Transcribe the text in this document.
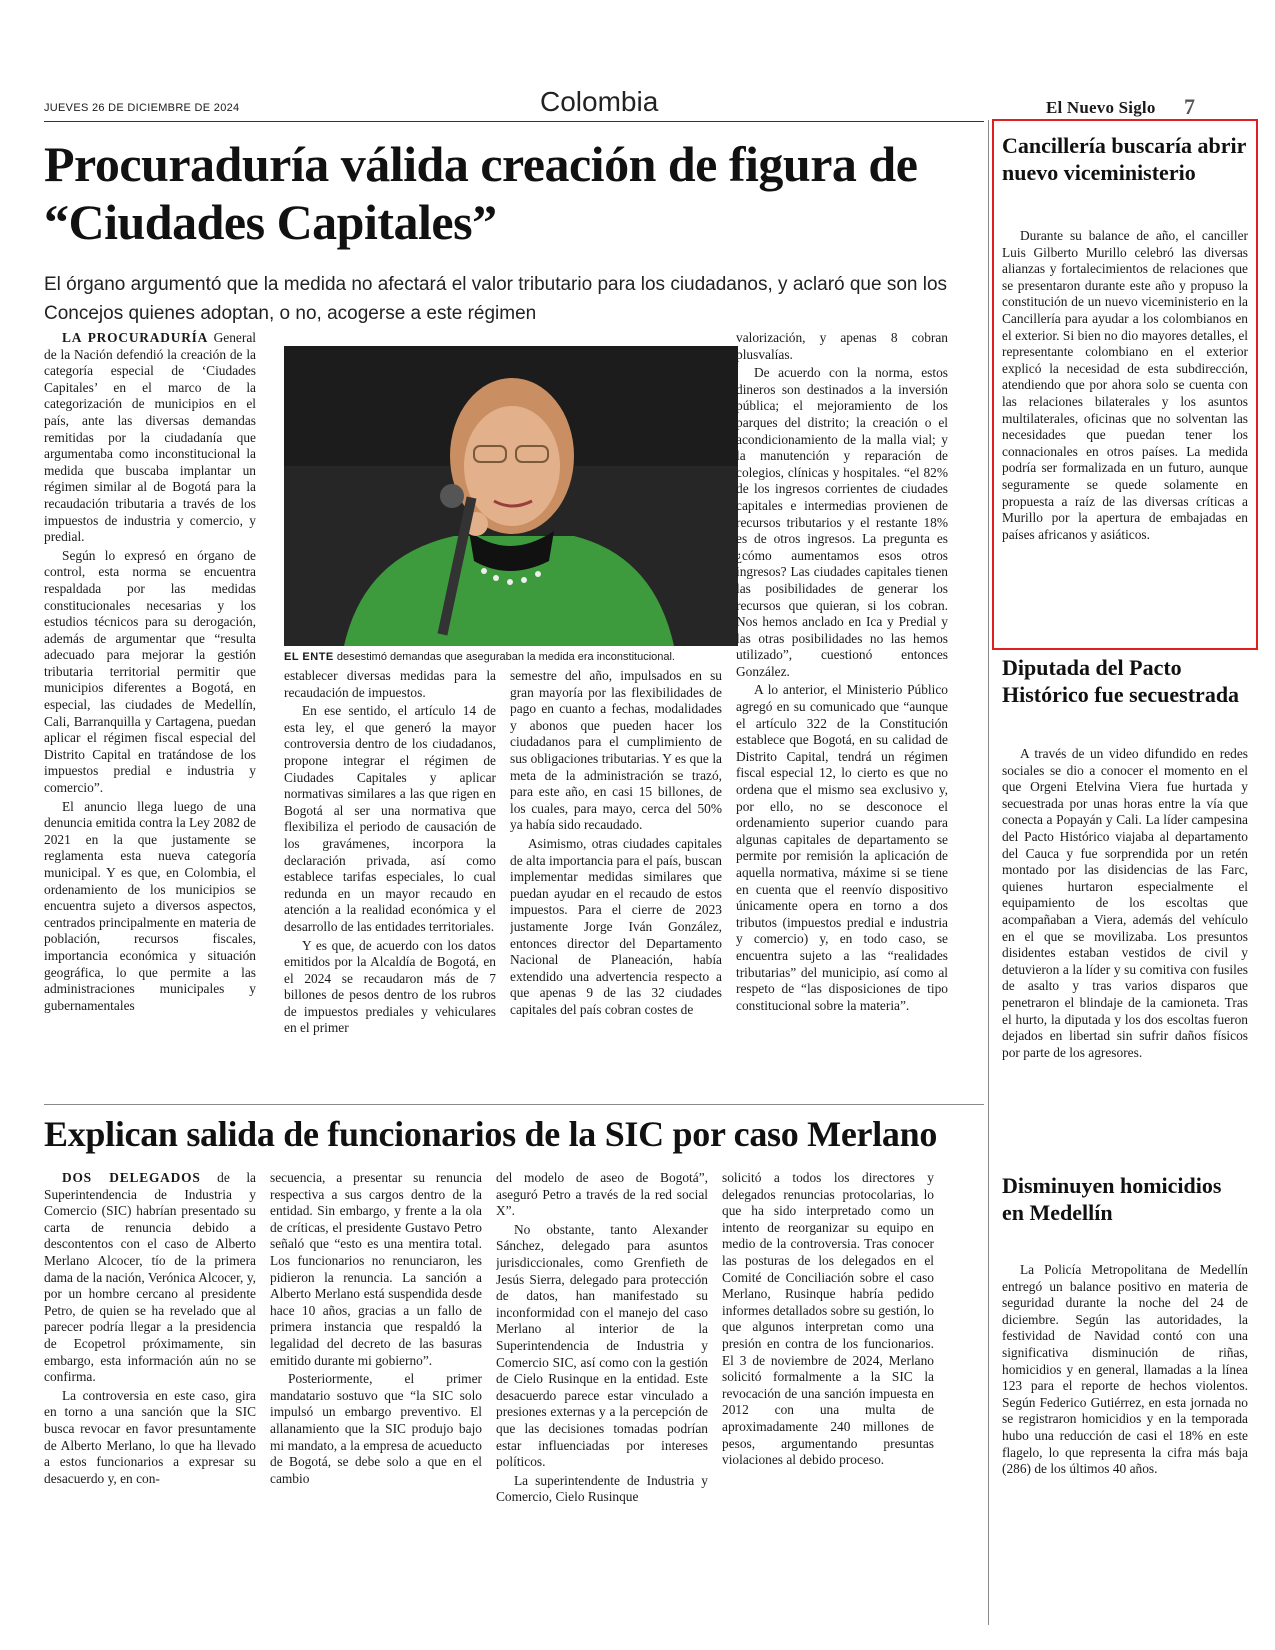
JUEVES 26 DE DICIEMBRE DE 2024	Colombia	El Nuevo Siglo 7
Procuraduría válida creación de figura de “Ciudades Capitales”
El órgano argumentó que la medida no afectará el valor tributario para los ciudadanos, y aclaró que son los Concejos quienes adoptan, o no, acogerse a este régimen

LA PROCURADURÍA General de la Nación defendió la creación de la categoría especial de ‘Ciudades Capitales’ en el marco de la categorización de municipios en el país, ante las diversas demandas remitidas por la ciudadanía que argumentaba como inconstitucional la medida que buscaba implantar un régimen similar al de Bogotá para la recaudación tributaria a través de los impuestos de industria y comercio, y predial.

Según lo expresó en órgano de control, esta norma se encuentra respaldada por las medidas constitucionales necesarias y los estudios técnicos para su derogación, además de argumentar que “resulta adecuado para mejorar la gestión tributaria territorial permitir que municipios diferentes a Bogotá, en especial, las ciudades de Medellín, Cali, Barranquilla y Cartagena, puedan aplicar el régimen fiscal especial del Distrito Capital en tratándose de los impuestos predial e industria y comercio”.

El anuncio llega luego de una denuncia emitida contra la Ley 2082 de 2021 en la que justamente se reglamenta esta nueva categoría municipal. Y es que, en Colombia, el ordenamiento de los municipios se encuentra sujeto a diversos aspectos, centrados principalmente en materia de población, recursos fiscales, importancia económica y situación geográfica, lo que permite a las administraciones municipales y gubernamentales

EL ENTE desestimó demandas que aseguraban la medida era inconstitucional.

establecer diversas medidas para la recaudación de impuestos.

En ese sentido, el artículo 14 de esta ley, el que generó la mayor controversia dentro de los ciudadanos, propone integrar el régimen de Ciudades Capitales y aplicar normativas similares a las que rigen en Bogotá al ser una normativa que flexibiliza el periodo de causación de los gravámenes, incorpora la declaración privada, así como establece tarifas especiales, lo cual redunda en un mayor recaudo en atención a la realidad económica y el desarrollo de las entidades territoriales.

Y es que, de acuerdo con los datos emitidos por la Alcaldía de Bogotá, en el 2024 se recaudaron más de 7 billones de pesos dentro de los rubros de impuestos prediales y vehiculares en el primer

semestre del año, impulsados en su gran mayoría por las flexibilidades de pago en cuanto a fechas, modalidades y abonos que pueden hacer los ciudadanos para el cumplimiento de sus obligaciones tributarias. Y es que la meta de la administración se trazó, para este año, en casi 15 billones, de los cuales, para mayo, cerca del 50% ya había sido recaudado.

Asimismo, otras ciudades capitales de alta importancia para el país, buscan implementar medidas similares que puedan ayudar en el recaudo de estos impuestos. Para el cierre de 2023 justamente Jorge Iván González, entonces director del Departamento Nacional de Planeación, había extendido una advertencia respecto a que apenas 9 de las 32 ciudades capitales del país cobran costes de

valorización, y apenas 8 cobran plusvalías.

De acuerdo con la norma, estos dineros son destinados a la inversión pública; el mejoramiento de los parques del distrito; la creación o el acondicionamiento de la malla vial; y la manutención y reparación de colegios, clínicas y hospitales. “el 82% de los ingresos corrientes de ciudades capitales e intermedias provienen de recursos tributarios y el restante 18% es de otros ingresos. La pregunta es ¿cómo aumentamos esos otros ingresos? Las ciudades capitales tienen las posibilidades de generar los recursos que quieran, si los cobran. Nos hemos anclado en Ica y Predial y las otras posibilidades no las hemos utilizado”, cuestionó entonces González.

A lo anterior, el Ministerio Público agregó en su comunicado que “aunque el artículo 322 de la Constitución establece que Bogotá, en su calidad de Distrito Capital, tendrá un régimen fiscal especial 12, lo cierto es que no ordena que el mismo sea exclusivo y, por ello, no se desconoce el ordenamiento superior cuando para algunas capitales de departamento se permite por remisión la aplicación de aquella normativa, máxime si se tiene en cuenta que el reenvío dispositivo únicamente opera en torno a dos tributos (impuestos predial e industria y comercio) y, en todo caso, se encuentra sujeto a las “realidades tributarias” del municipio, así como al respeto de “las disposiciones de tipo constitucional sobre la materia”.

Explican salida de funcionarios de la SIC por caso Merlano

DOS DELEGADOS de la Superintendencia de Industria y Comercio (SIC) habrían presentado su carta de renuncia debido a descontentos con el caso de Alberto Merlano Alcocer, tío de la primera dama de la nación, Verónica Alcocer, y, por un hombre cercano al presidente Petro, de quien se ha revelado que al parecer podría llegar a la presidencia de Ecopetrol próximamente, sin embargo, esta información aún no se confirma.

La controversia en este caso, gira en torno a una sanción que la SIC busca revocar en favor presuntamente de Alberto Merlano, lo que ha llevado a estos funcionarios a expresar su desacuerdo y, en con-

secuencia, a presentar su renuncia respectiva a sus cargos dentro de la entidad. Sin embargo, y frente a la ola de críticas, el presidente Gustavo Petro señaló que “esto es una mentira total. Los funcionarios no renunciaron, les pidieron la renuncia. La sanción a Alberto Merlano está suspendida desde hace 10 años, gracias a un fallo de primera instancia que respaldó la legalidad del decreto de las basuras emitido durante mi gobierno”.

Posteriormente, el primer mandatario sostuvo que “la SIC solo impulsó un embargo preventivo. El allanamiento que la SIC produjo bajo mi mandato, a la empresa de acueducto de Bogotá, se debe solo a que en el cambio

del modelo de aseo de Bogotá”, aseguró Petro a través de la red social X”.

No obstante, tanto Alexander Sánchez, delegado para asuntos jurisdiccionales, como Grenfieth de Jesús Sierra, delegado para protección de datos, han manifestado su inconformidad con el manejo del caso Merlano al interior de la Superintendencia de Industria y Comercio SIC, así como con la gestión de Cielo Rusinque en la entidad. Este desacuerdo parece estar vinculado a presiones externas y a la percepción de que las decisiones tomadas podrían estar influenciadas por intereses políticos.

La superintendente de Industria y Comercio, Cielo Rusinque

solicitó a todos los directores y delegados renuncias protocolarias, lo que ha sido interpretado como un intento de reorganizar su equipo en medio de la controversia. Tras conocer las posturas de los delegados en el Comité de Conciliación sobre el caso Merlano, Rusinque habría pedido informes detallados sobre su gestión, lo que algunos interpretan como una presión en contra de los funcionarios. El 3 de noviembre de 2024, Merlano solicitó formalmente a la SIC la revocación de una sanción impuesta en 2012 con una multa de aproximadamente 240 millones de pesos, argumentando presuntas violaciones al debido proceso.

Cancillería buscaría abrir nuevo viceministerio

Durante su balance de año, el canciller Luis Gilberto Murillo celebró las diversas alianzas y fortalecimientos de relaciones que se presentaron durante este año y propuso la constitución de un nuevo viceministerio en la Cancillería para ayudar a los colombianos en el exterior. Si bien no dio mayores detalles, el representante colombiano en el exterior explicó la necesidad de esta subdirección, atendiendo que por ahora solo se cuenta con las relaciones bilaterales y los asuntos multilaterales, oficinas que no solventan las necesidades que puedan tener los connacionales en otros países. La medida podría ser formalizada en un futuro, aunque seguramente se quede solamente en propuesta a raíz de las diversas críticas a Murillo por la apertura de embajadas en países africanos y asiáticos.

Diputada del Pacto Histórico fue secuestrada

A través de un video difundido en redes sociales se dio a conocer el momento en el que Orgeni Etelvina Viera fue hurtada y secuestrada por unas horas entre la vía que conecta a Popayán y Cali. La líder campesina del Pacto Histórico viajaba al departamento del Cauca y fue sorprendida por un retén montado por las disidencias de las Farc, quienes hurtaron especialmente el equipamiento de los escoltas que acompañaban a Viera, además del vehículo en el que se movilizaba. Los presuntos disidentes estaban vestidos de civil y detuvieron a la líder y su comitiva con fusiles de asalto y tras varios disparos que penetraron el blindaje de la camioneta. Tras el hurto, la diputada y los dos escoltas fueron dejados en libertad sin sufrir daños físicos por parte de los agresores.

Disminuyen homicidios en Medellín

La Policía Metropolitana de Medellín entregó un balance positivo en materia de seguridad durante la noche del 24 de diciembre. Según las autoridades, la festividad de Navidad contó con una significativa disminución de riñas, homicidios y en general, llamadas a la línea 123 para el reporte de hechos violentos. Según Federico Gutiérrez, en esta jornada no se registraron homicidios y en la temporada hubo una reducción de casi el 18% en este flagelo, lo que representa la cifra más baja (286) de los últimos 40 años.
